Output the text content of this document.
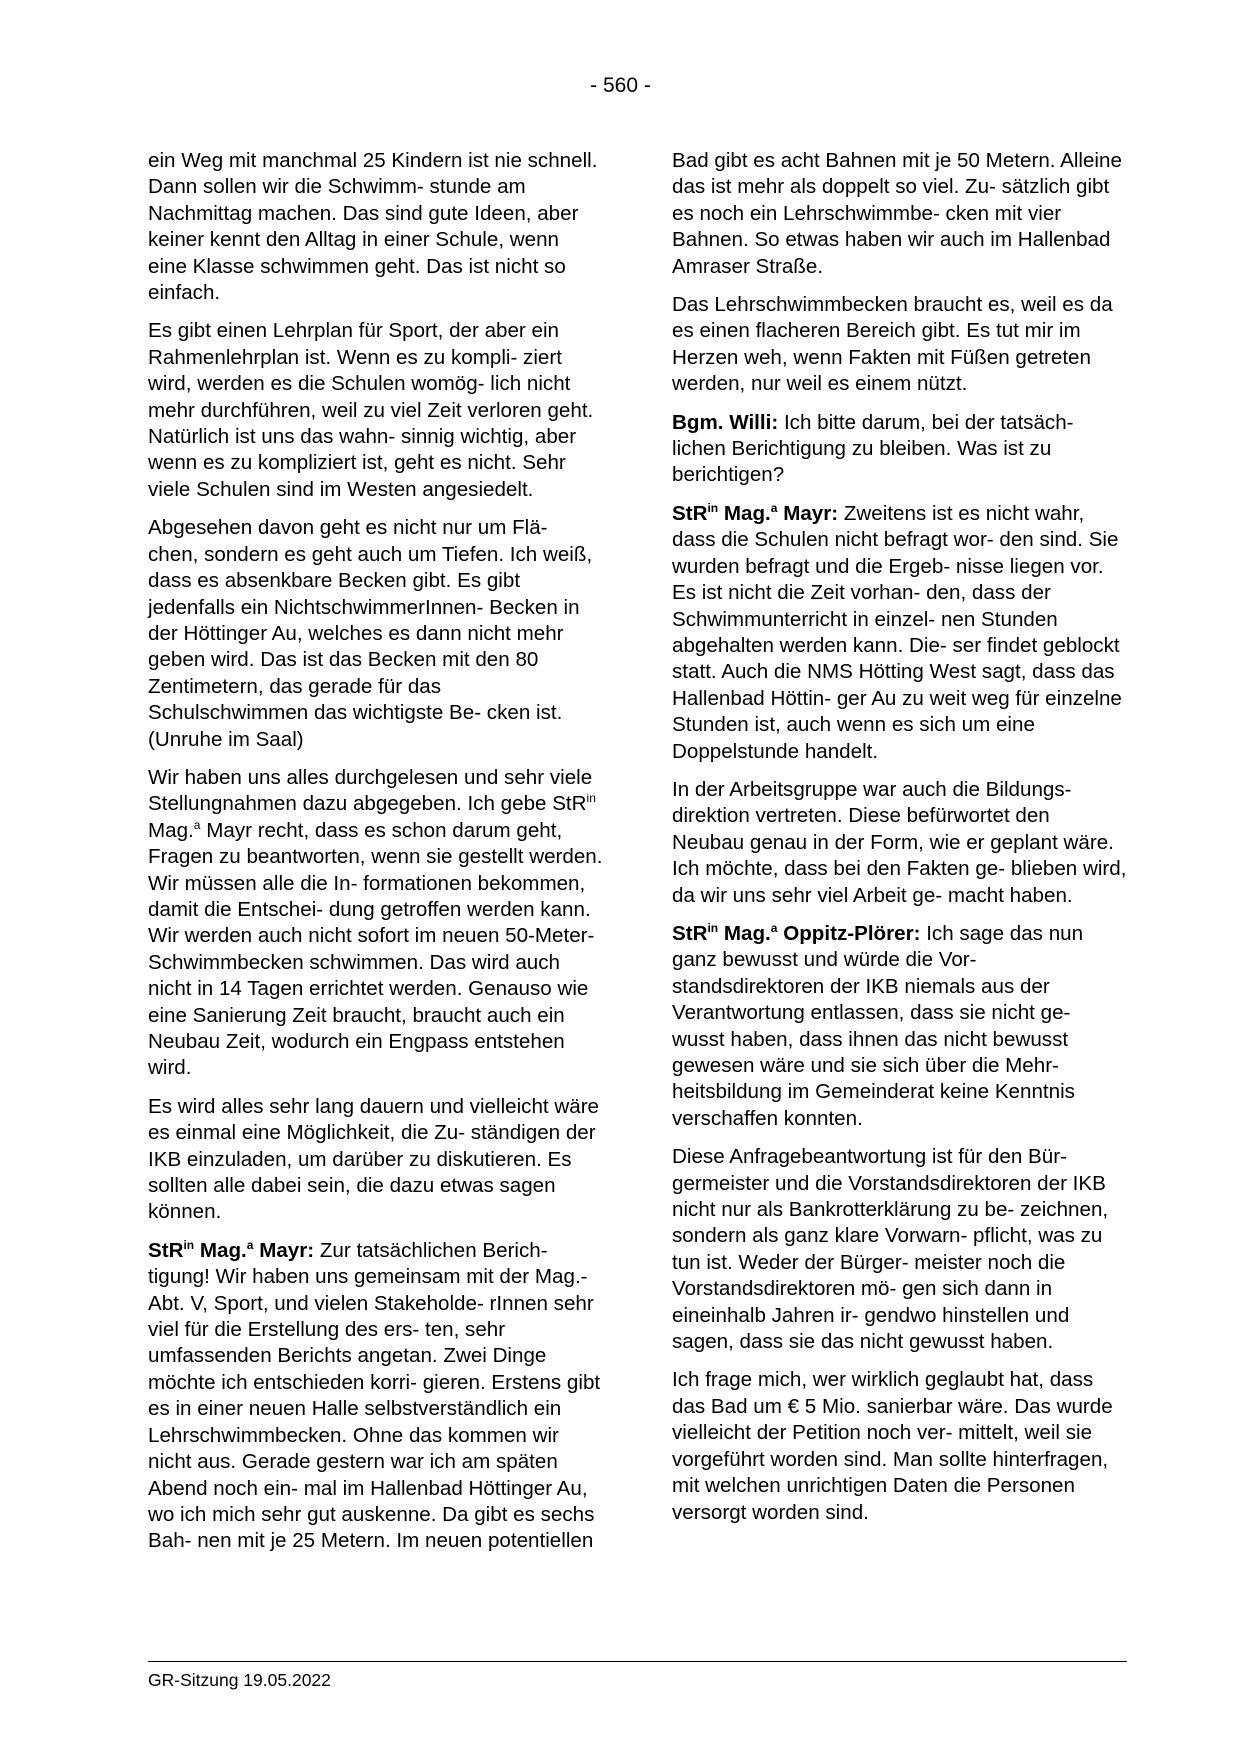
- 560 -

ein Weg mit manchmal 25 Kindern ist nie schnell. Dann sollen wir die Schwimm- stunde am Nachmittag machen. Das sind gute Ideen, aber keiner kennt den Alltag in einer Schule, wenn eine Klasse schwimmen geht. Das ist nicht so einfach.

Es gibt einen Lehrplan für Sport, der aber ein Rahmenlehrplan ist. Wenn es zu kompli- ziert wird, werden es die Schulen womög- lich nicht mehr durchführen, weil zu viel Zeit verloren geht. Natürlich ist uns das wahn- sinnig wichtig, aber wenn es zu kompliziert ist, geht es nicht. Sehr viele Schulen sind im Westen angesiedelt.

Abgesehen davon geht es nicht nur um Flä- chen, sondern es geht auch um Tiefen. Ich weiß, dass es absenkbare Becken gibt. Es gibt jedenfalls ein NichtschwimmerInnen- Becken in der Höttinger Au, welches es dann nicht mehr geben wird. Das ist das Becken mit den 80 Zentimetern, das gerade für das Schulschwimmen das wichtigste Be- cken ist. (Unruhe im Saal)

Wir haben uns alles durchgelesen und sehr viele Stellungnahmen dazu abgegeben. Ich gebe StR$^{in}$ Mag.$^a$ Mayr recht, dass es schon darum geht, Fragen zu beantworten, wenn sie gestellt werden. Wir müssen alle die In- formationen bekommen, damit die Entschei- dung getroffen werden kann. Wir werden auch nicht sofort im neuen 50-Meter- Schwimmbecken schwimmen. Das wird auch nicht in 14 Tagen errichtet werden. Genauso wie eine Sanierung Zeit braucht, braucht auch ein Neubau Zeit, wodurch ein Engpass entstehen wird.

Es wird alles sehr lang dauern und vielleicht wäre es einmal eine Möglichkeit, die Zu- ständigen der IKB einzuladen, um darüber zu diskutieren. Es sollten alle dabei sein, die dazu etwas sagen können.

StR$^{in}$ Mag.$^a$ Mayr: Zur tatsächlichen Berich- tigung! Wir haben uns gemeinsam mit der Mag.-Abt. V, Sport, und vielen Stakeholde- rInnen sehr viel für die Erstellung des ers- ten, sehr umfassenden Berichts angetan. Zwei Dinge möchte ich entschieden korri- gieren. Erstens gibt es in einer neuen Halle selbstverständlich ein Lehrschwimmbecken. Ohne das kommen wir nicht aus. Gerade gestern war ich am späten Abend noch ein- mal im Hallenbad Höttinger Au, wo ich mich sehr gut auskenne. Da gibt es sechs Bah- nen mit je 25 Metern. Im neuen potentiellen

Bad gibt es acht Bahnen mit je 50 Metern. Alleine das ist mehr als doppelt so viel. Zu- sätzlich gibt es noch ein Lehrschwimmbe- cken mit vier Bahnen. So etwas haben wir auch im Hallenbad Amraser Straße.

Das Lehrschwimmbecken braucht es, weil es da es einen flacheren Bereich gibt. Es tut mir im Herzen weh, wenn Fakten mit Füßen getreten werden, nur weil es einem nützt.

Bgm. Willi: Ich bitte darum, bei der tatsäch- lichen Berichtigung zu bleiben. Was ist zu berichtigen?

StR$^{in}$ Mag.$^a$ Mayr: Zweitens ist es nicht wahr, dass die Schulen nicht befragt wor- den sind. Sie wurden befragt und die Ergeb- nisse liegen vor. Es ist nicht die Zeit vorhan- den, dass der Schwimmunterricht in einzel- nen Stunden abgehalten werden kann. Die- ser findet geblockt statt. Auch die NMS Hötting West sagt, dass das Hallenbad Höttin- ger Au zu weit weg für einzelne Stunden ist, auch wenn es sich um eine Doppelstunde handelt.

In der Arbeitsgruppe war auch die Bildungs- direktion vertreten. Diese befürwortet den Neubau genau in der Form, wie er geplant wäre. Ich möchte, dass bei den Fakten ge- blieben wird, da wir uns sehr viel Arbeit ge- macht haben.

StR$^{in}$ Mag.$^a$ Oppitz-Plörer: Ich sage das nun ganz bewusst und würde die Vor- standsdirektoren der IKB niemals aus der Verantwortung entlassen, dass sie nicht ge- wusst haben, dass ihnen das nicht bewusst gewesen wäre und sie sich über die Mehr- heitsbildung im Gemeinderat keine Kenntnis verschaffen konnten.

Diese Anfragebeantwortung ist für den Bür- germeister und die Vorstandsdirektoren der IKB nicht nur als Bankrotterklärung zu be- zeichnen, sondern als ganz klare Vorwarn- pflicht, was zu tun ist. Weder der Bürger- meister noch die Vorstandsdirektoren mö- gen sich dann in eineinhalb Jahren ir- gendwo hinstellen und sagen, dass sie das nicht gewusst haben.

Ich frage mich, wer wirklich geglaubt hat, dass das Bad um € 5 Mio. sanierbar wäre. Das wurde vielleicht der Petition noch ver- mittelt, weil sie vorgeführt worden sind. Man sollte hinterfragen, mit welchen unrichtigen Daten die Personen versorgt worden sind.

GR-Sitzung 19.05.2022
